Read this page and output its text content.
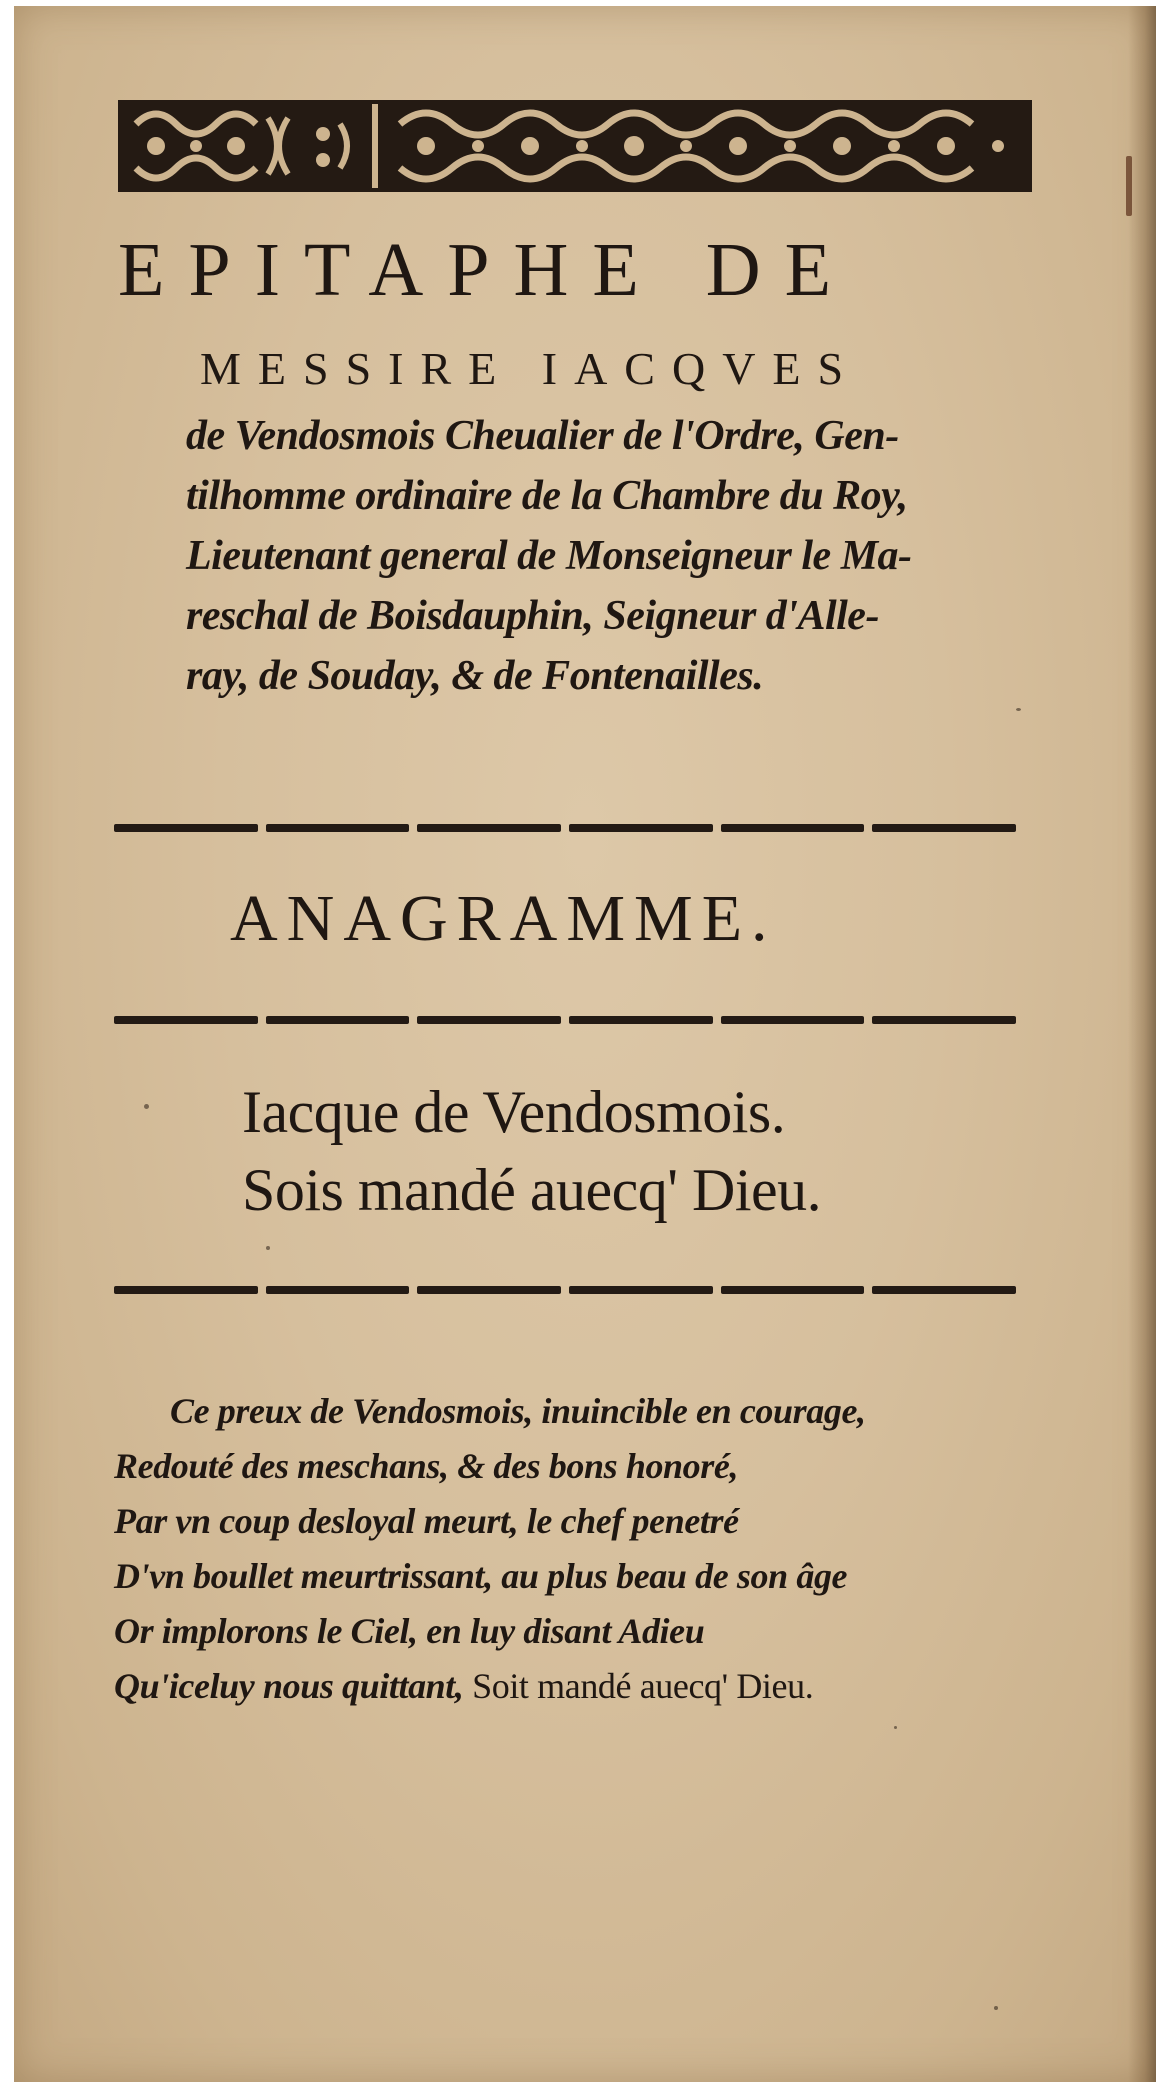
EPITAPHE DE
MESSIRE IACQVES
de Vendosmois Cheualier de l'Ordre, Gen-
tilhomme ordinaire de la Chambre du Roy,
Lieutenant general de Monseigneur le Ma-
reschal de Boisdauphin, Seigneur d'Alle-
ray, de Souday, & de Fontenailles.
ANAGRAMME.
Iacque de Vendosmois.
Sois mandé auecq' Dieu.
Ce preux de Vendosmois, inuincible en courage,
Redouté des meschans, & des bons honoré,
Par vn coup desloyal meurt, le chef penetré
D'vn boullet meurtrissant, au plus beau de son âge
Or implorons le Ciel, en luy disant Adieu
Qu'iceluy nous quittant, Soit mandé auecq' Dieu.
